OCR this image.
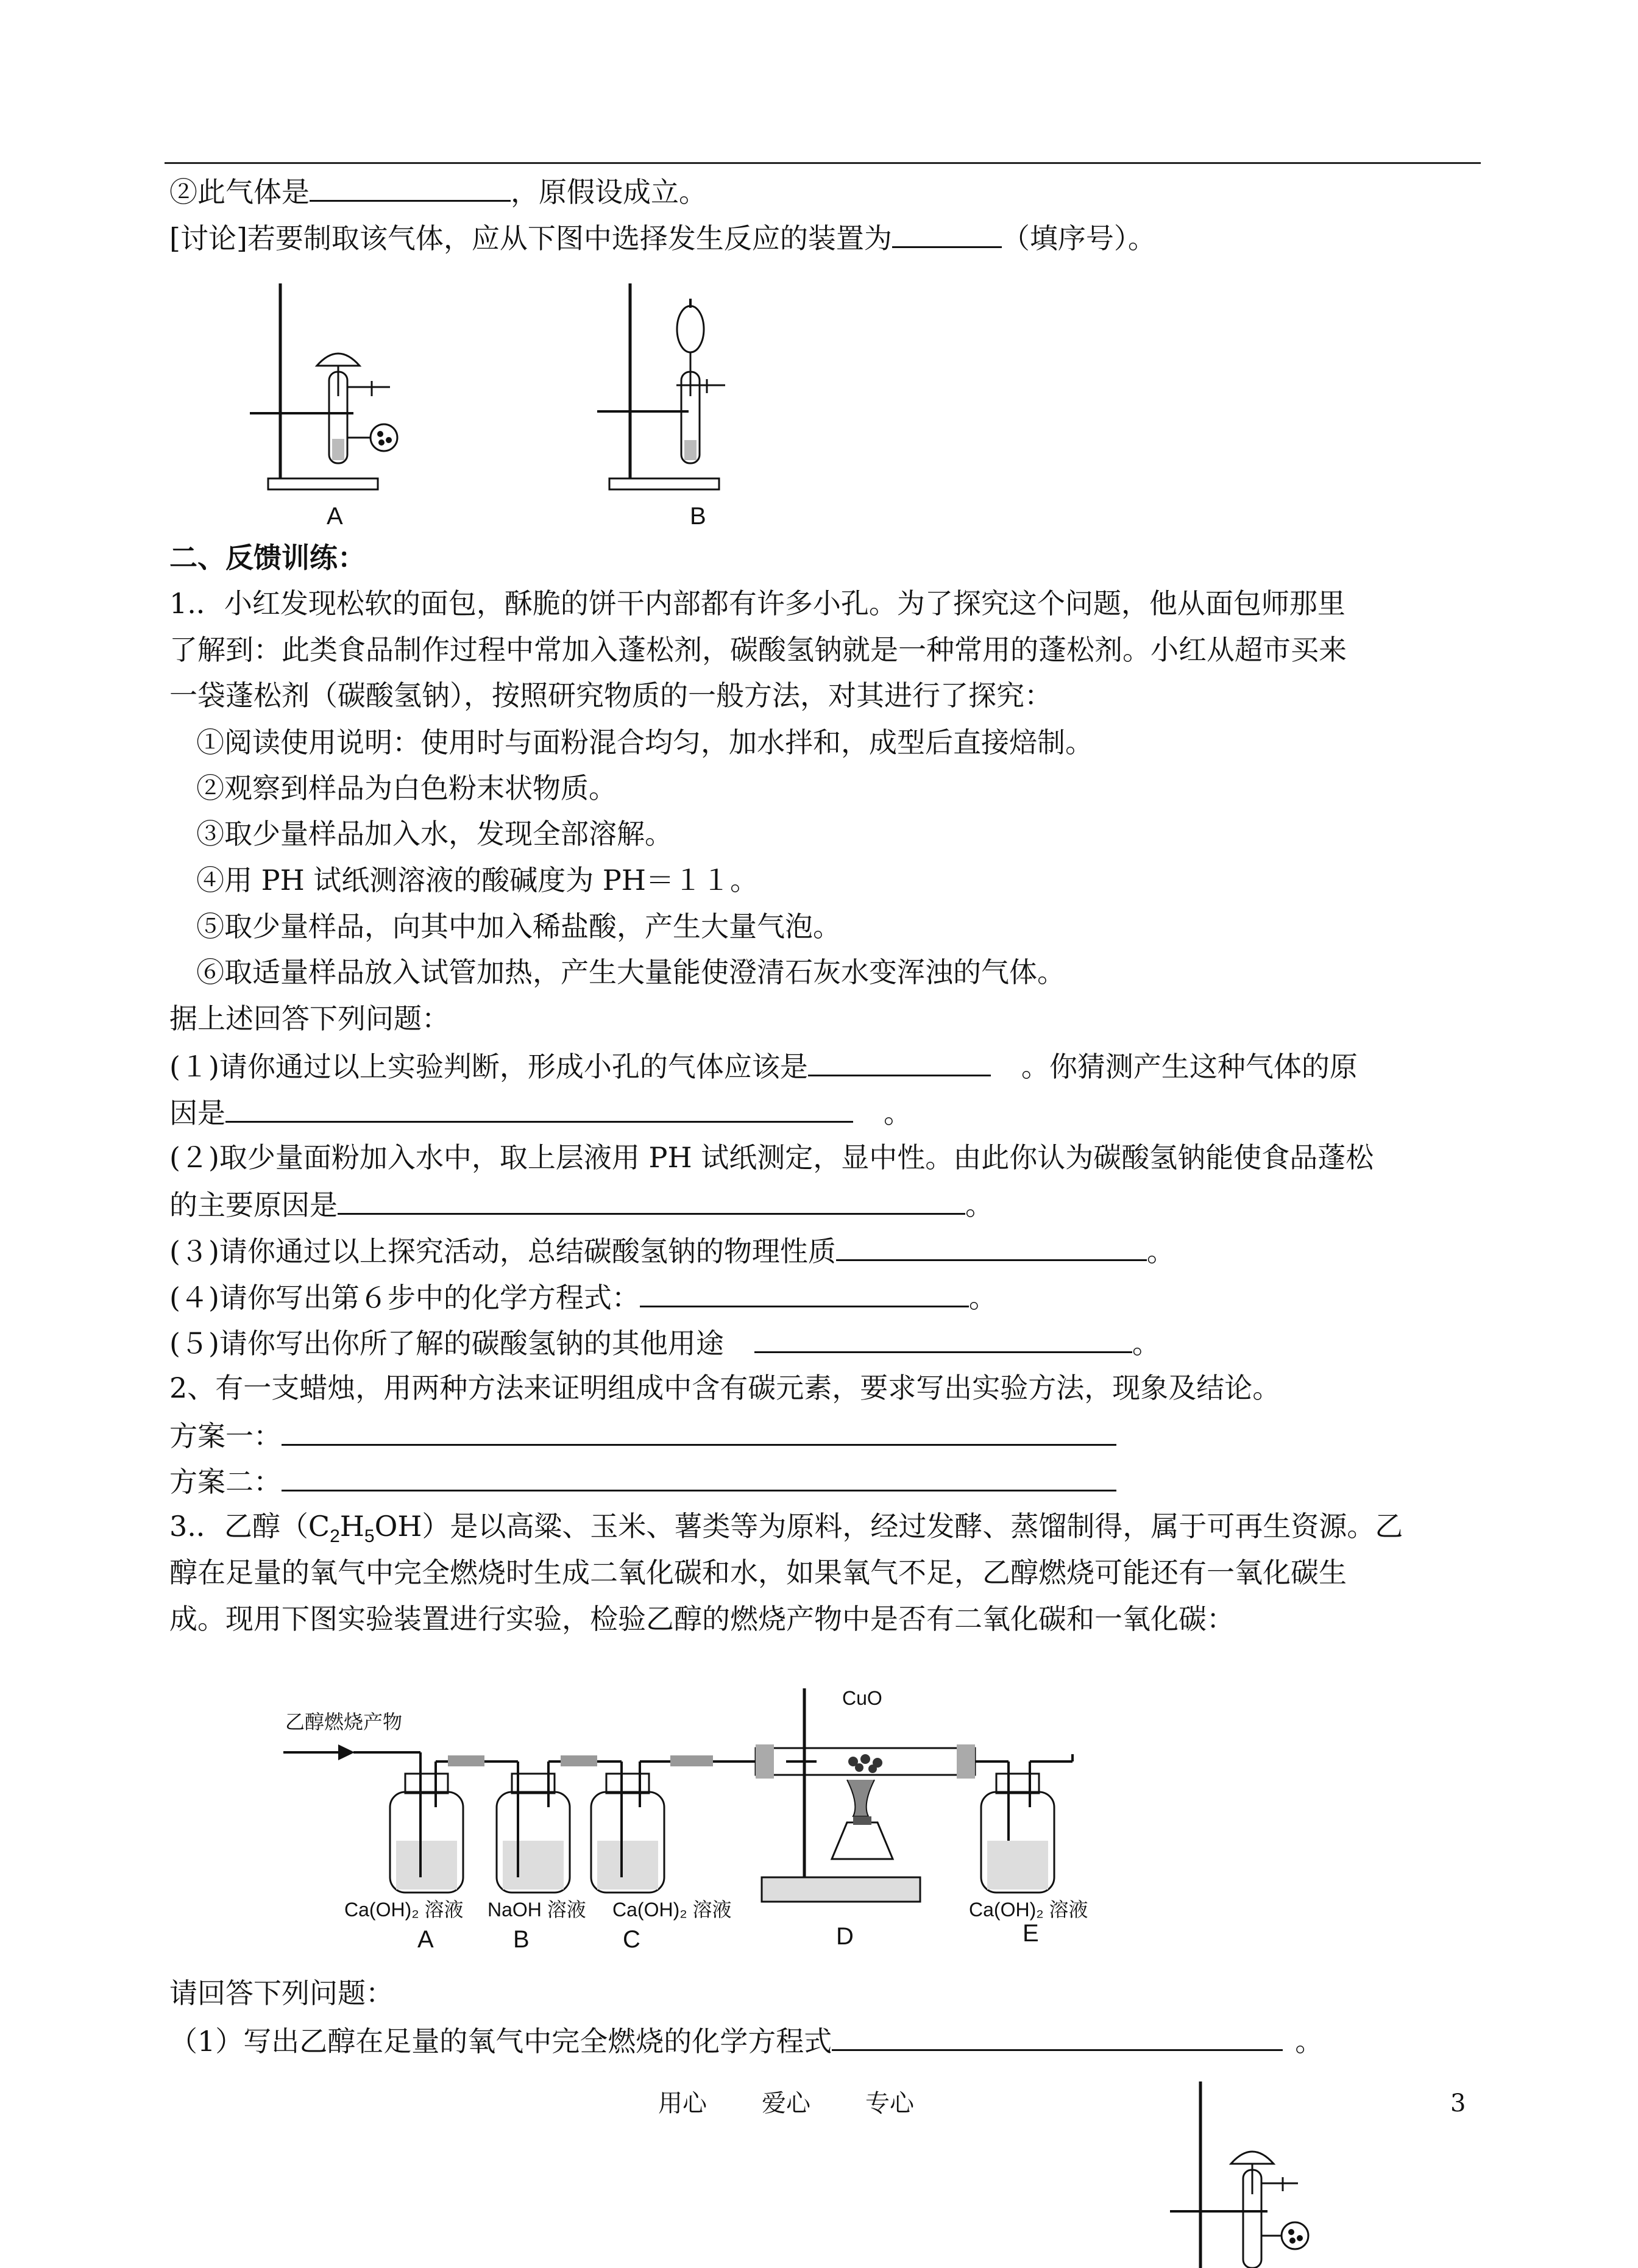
②此气体是	，原假设成立。
[讨论]若要制取该气体，应从下图中选择发生反应的装置为	（填序号）。
A	B
二、反馈训练：
1.．小红发现松软的面包，酥脆的饼干内部都有许多小孔。为了探究这个问题，他从面包师那里
了解到：此类食品制作过程中常加入蓬松剂，碳酸氢钠就是一种常用的蓬松剂。小红从超市买来
一袋蓬松剂（碳酸氢钠），按照研究物质的一般方法，对其进行了探究：
①阅读使用说明：使用时与面粉混合均匀，加水拌和，成型后直接焙制。
②观察到样品为白色粉末状物质。
③取少量样品加入水，发现全部溶解。
④用 PH 试纸测溶液的酸碱度为 PH＝１１。
⑤取少量样品，向其中加入稀盐酸，产生大量气泡。
⑥取适量样品放入试管加热，产生大量能使澄清石灰水变浑浊的气体。
据上述回答下列问题：
(１)请你通过以上实验判断，形成小孔的气体应该是	。你猜测产生这种气体的原
因是	。
(２)取少量面粉加入水中，取上层液用 PH 试纸测定，显中性。由此你认为碳酸氢钠能使食品蓬松
的主要原因是	。
(３)请你通过以上探究活动，总结碳酸氢钠的物理性质	。
(４)请你写出第６步中的化学方程式：	。
(５)请你写出你所了解的碳酸氢钠的其他用途	。
2、有一支蜡烛，用两种方法来证明组成中含有碳元素，要求写出实验方法，现象及结论。
方案一：
方案二：
3.．乙醇$(C_2H_5OH)$是以高粱、玉米、薯类等为原料，经过发酵、蒸馏制得，属于可再生资源。乙
醇在足量的氧气中完全燃烧时生成二氧化碳和水，如果氧气不足，乙醇燃烧可能还有一氧化碳生
成。现用下图实验装置进行实验，检验乙醇的燃烧产物中是否有二氧化碳和一氧化碳：
乙醇燃烧产物
CuO
Ca(OH)₂ 溶液 NaOH 溶液 Ca(OH)₂ 溶液	Ca(OH)₂ 溶液
A	B	C	D	E
请回答下列问题：
（1）写出乙醇在足量的氧气中完全燃烧的化学方程式	。
用心 爱心 专心	3
